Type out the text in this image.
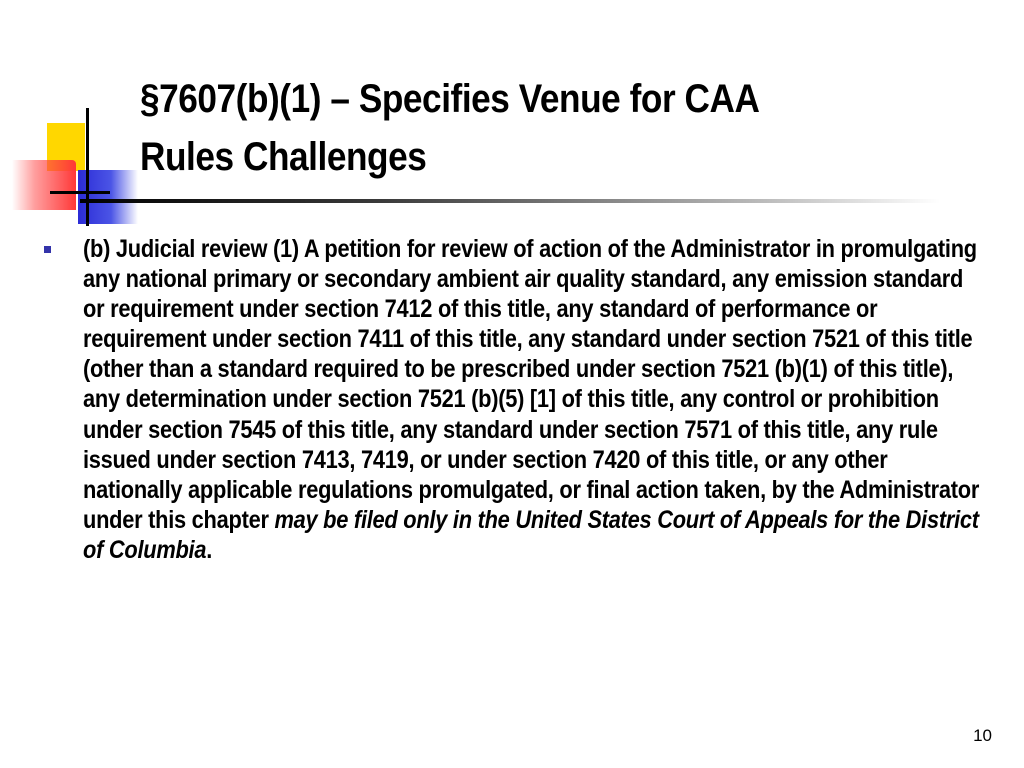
§7607(b)(1) – Specifies Venue for CAA
Rules Challenges
(b) Judicial review (1) A petition for review of action of the Administrator in promulgating any national primary or secondary ambient air quality standard, any emission standard or requirement under section 7412 of this title, any standard of performance or requirement under section 7411 of this title, any standard under section 7521 of this title (other than a standard required to be prescribed under section 7521 (b)(1) of this title), any determination under section 7521 (b)(5) [1] of this title, any control or prohibition under section 7545 of this title, any standard under section 7571 of this title, any rule issued under section 7413, 7419, or under section 7420 of this title, or any other nationally applicable regulations promulgated, or final action taken, by the Administrator under this chapter may be filed only in the United States Court of Appeals for the District of Columbia.
10
